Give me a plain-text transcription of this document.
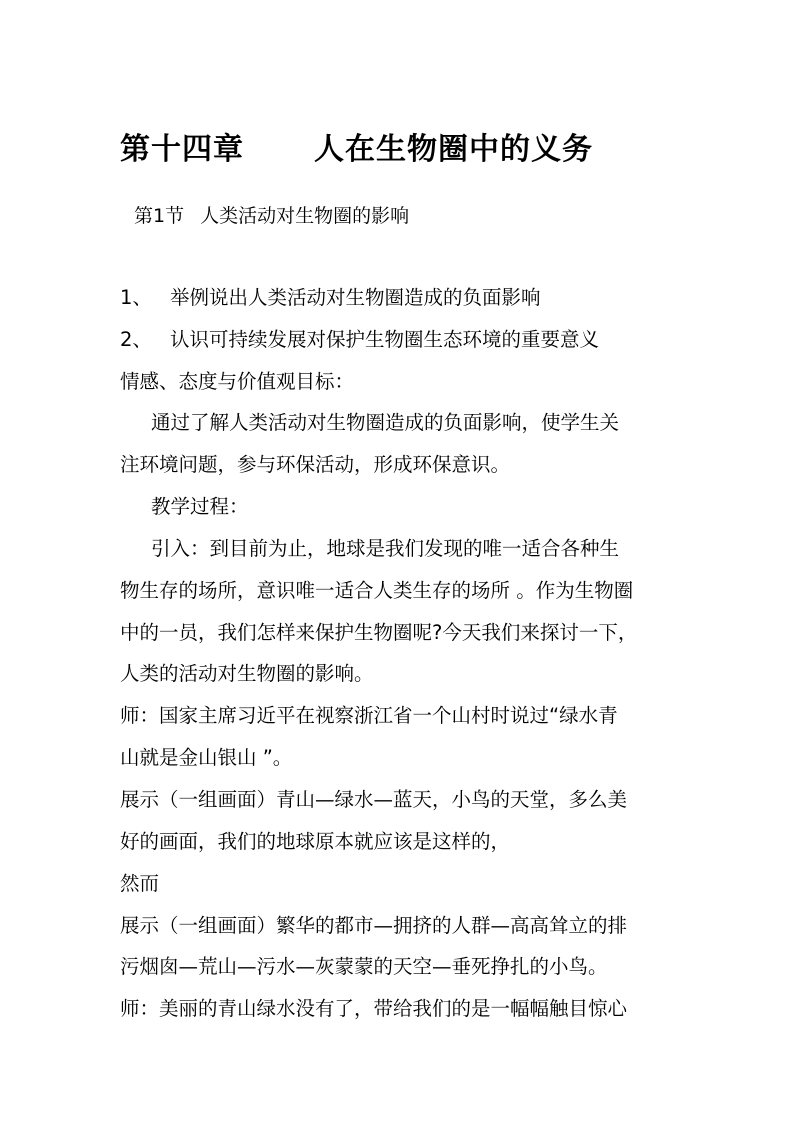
第十四章 人在生物圈中的义务
第1节 人类活动对生物圈的影响
1、 举例说出人类活动对生物圈造成的负面影响
2、 认识可持续发展对保护生物圈生态环境的重要意义
情感、态度与价值观目标：
通过了解人类活动对生物圈造成的负面影响，使学生关
注环境问题，参与环保活动，形成环保意识。
教学过程：
引入：到目前为止，地球是我们发现的唯一适合各种生
物生存的场所，意识唯一适合人类生存的场所 。作为生物圈
中的一员，我们怎样来保护生物圈呢?今天我们来探讨一下，
人类的活动对生物圈的影响。
师：国家主席习近平在视察浙江省一个山村时说过“绿水青
山就是金山银山 ”。
展示（一组画面）青山—绿水—蓝天，小鸟的天堂，多么美
好的画面，我们的地球原本就应该是这样的，
然而
展示（一组画面）繁华的都市—拥挤的人群—高高耸立的排
污烟囱—荒山—污水—灰蒙蒙的天空—垂死挣扎的小鸟。
师：美丽的青山绿水没有了，带给我们的是一幅幅触目惊心
